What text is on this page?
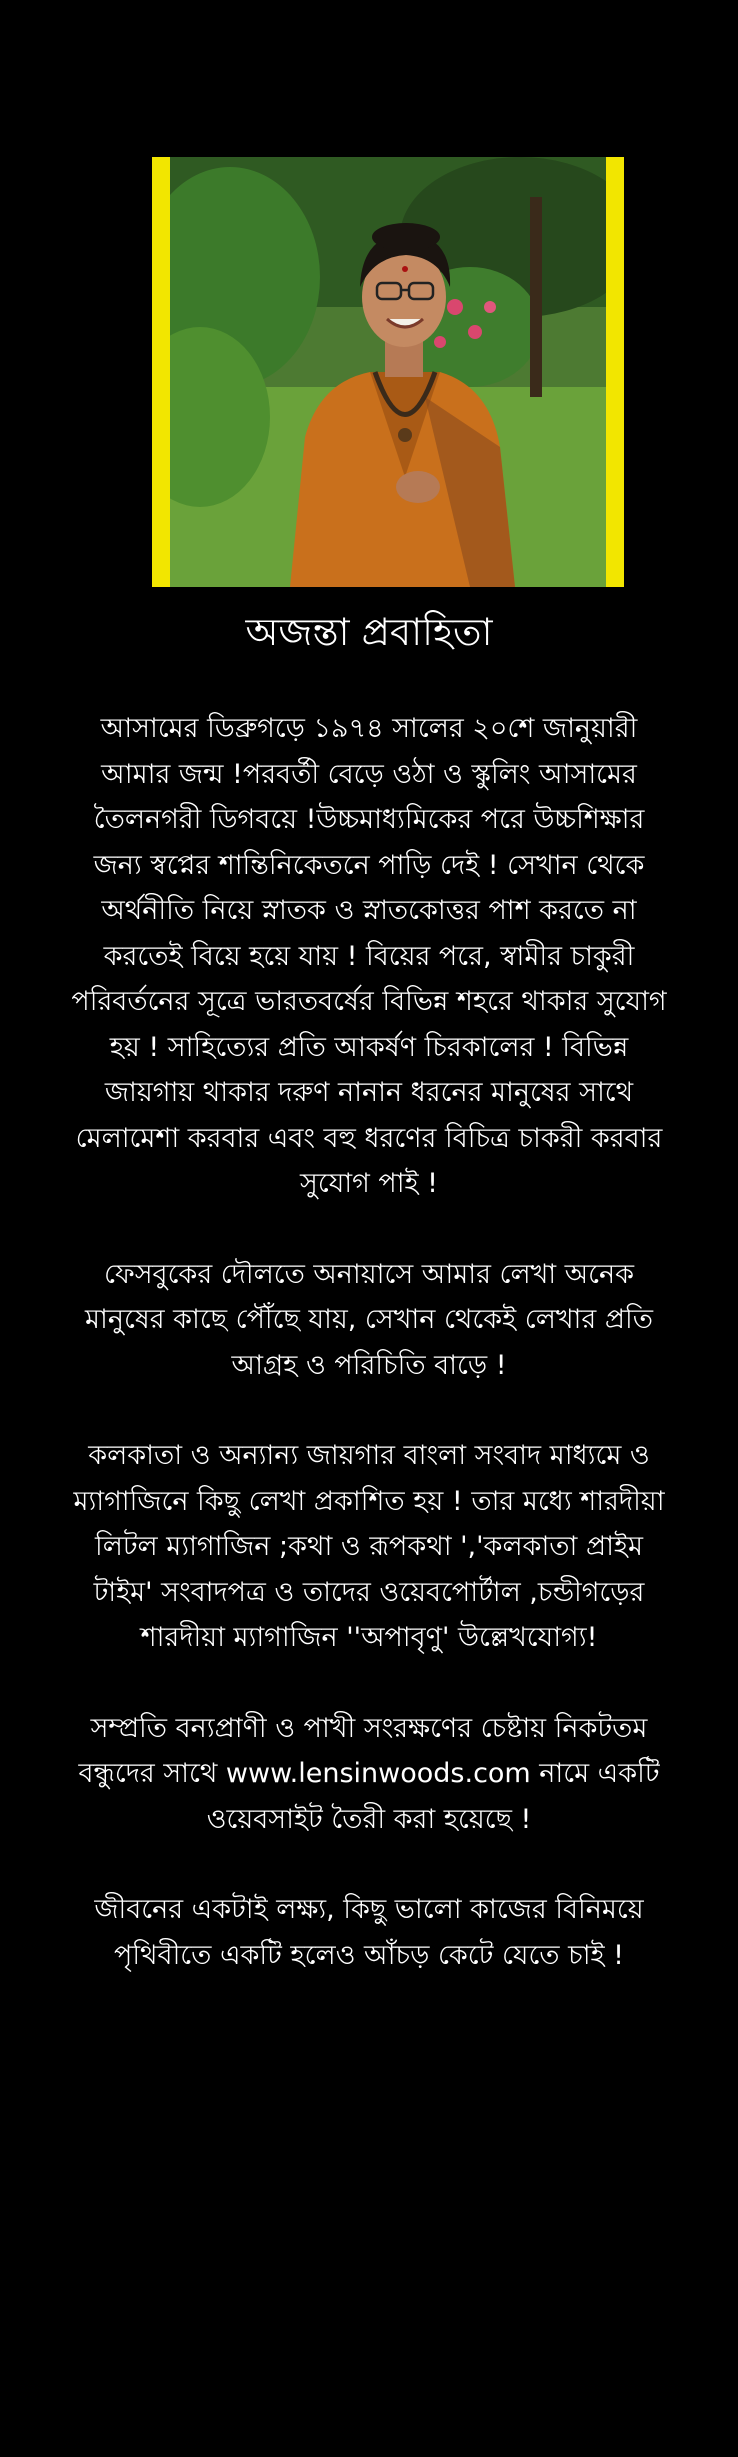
অজন্তা প্রবাহিতা

আসামের ডিব্রুগড়ে ১৯৭৪ সালের ২০শে জানুয়ারী আমার জন্ম !পরবর্তী বেড়ে ওঠা ও স্কুলিং আসামের তৈলনগরী ডিগবয়ে !উচ্চমাধ্যমিকের পরে উচ্চশিক্ষার জন্য স্বপ্নের শান্তিনিকেতনে পাড়ি দেই ! সেখান থেকে অর্থনীতি নিয়ে স্নাতক ও স্নাতকোত্তর পাশ করতে না করতেই বিয়ে হয়ে যায় ! বিয়ের পরে, স্বামীর চাকুরী পরিবর্তনের সূত্রে ভারতবর্ষের বিভিন্ন শহরে থাকার সুযোগ হয় ! সাহিত্যের প্রতি আকর্ষণ চিরকালের ! বিভিন্ন জায়গায় থাকার দরুণ নানান ধরনের মানুষের সাথে মেলামেশা করবার এবং বহু ধরণের বিচিত্র চাকরী করবার সুযোগ পাই !

ফেসবুকের দৌলতে অনায়াসে আমার লেখা অনেক মানুষের কাছে পৌঁছে যায়, সেখান থেকেই লেখার প্রতি আগ্রহ ও পরিচিতি বাড়ে !

কলকাতা ও অন্যান্য জায়গার বাংলা সংবাদ মাধ্যমে ও ম্যাগাজিনে কিছু লেখা প্রকাশিত হয় ! তার মধ্যে শারদীয়া লিটল ম্যাগাজিন ;কথা ও রূপকথা ','কলকাতা প্রাইম টাইম' সংবাদপত্র ও তাদের ওয়েবপোর্টাল ,চন্ডীগড়ের শারদীয়া ম্যাগাজিন ''অপাবৃণু' উল্লেখযোগ্য!

সম্প্রতি বন্যপ্রাণী ও পাখী সংরক্ষণের চেষ্টায় নিকটতম বন্ধুদের সাথে www.lensinwoods.com নামে একটি ওয়েবসাইট তৈরী করা হয়েছে !

জীবনের একটাই লক্ষ্য, কিছু ভালো কাজের বিনিময়ে পৃথিবীতে একটি হলেও আঁচড় কেটে যেতে চাই !
